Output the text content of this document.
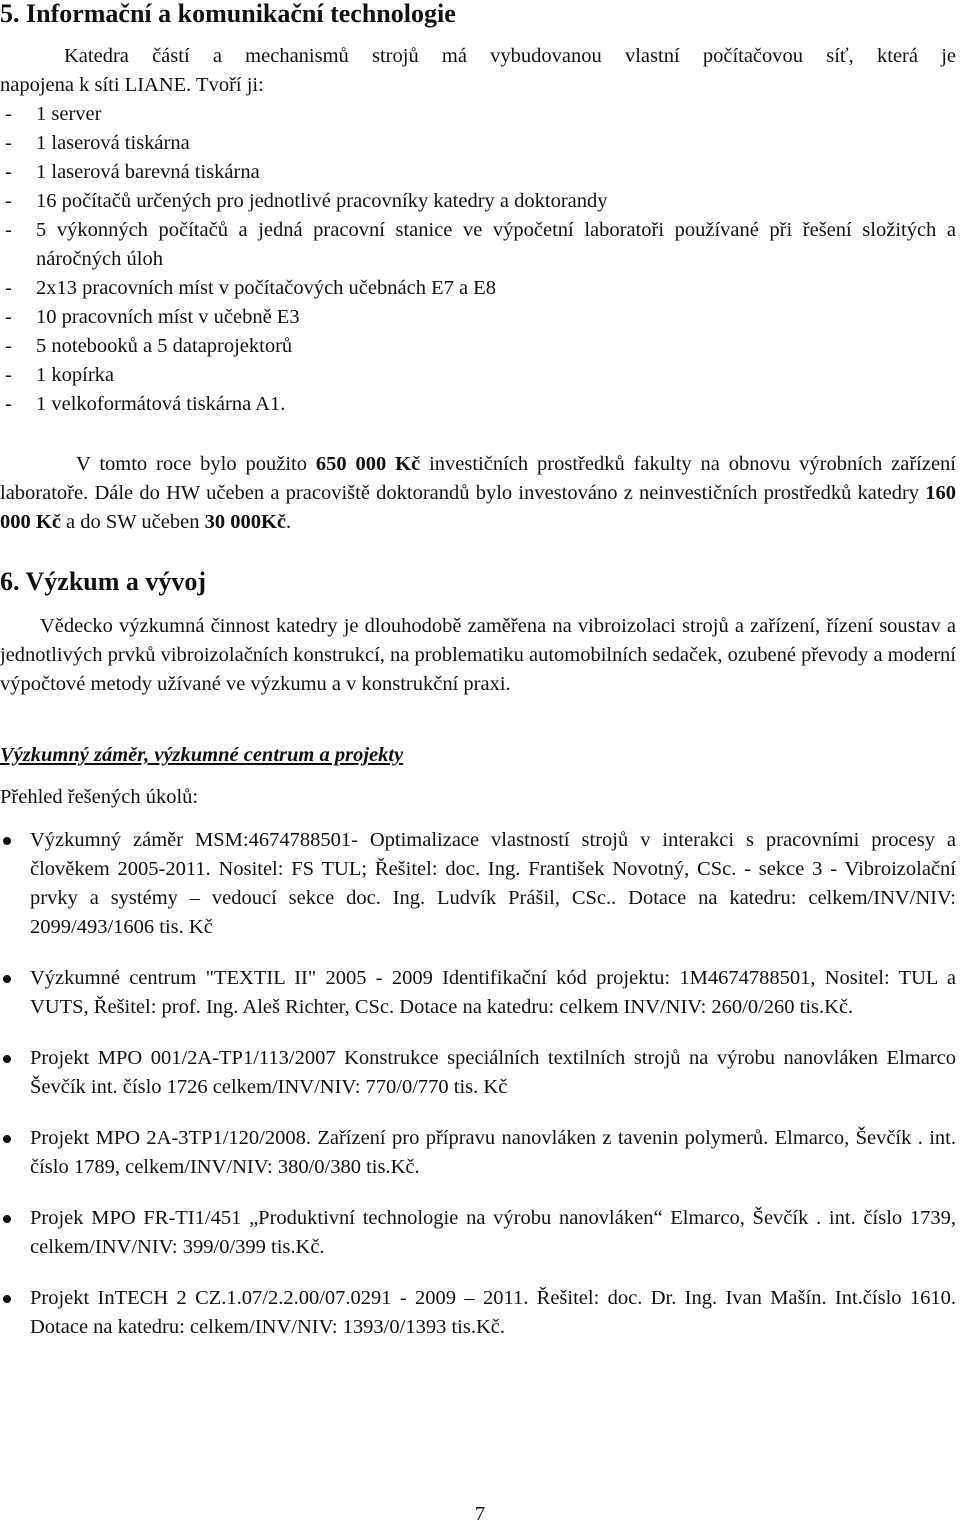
5. Informační a komunikační technologie
Katedra částí a mechanismů strojů má vybudovanou vlastní počítačovou síť, která je
napojena k síti LIANE. Tvoří ji:
- 1 server
- 1 laserová tiskárna
- 1 laserová barevná tiskárna
- 16 počítačů určených pro jednotlivé pracovníky katedry a doktorandy
- 5 výkonných počítačů a jedná pracovní stanice ve výpočetní laboratoři používané při řešení složitých a náročných úloh
- 2x13 pracovních míst v počítačových učebnách E7 a E8
- 10 pracovních míst v učebně E3
- 5 notebooků a 5 dataprojektorů
- 1 kopírka
- 1 velkoformátová tiskárna A1.
V tomto roce bylo použito 650 000 Kč investičních prostředků fakulty na obnovu výrobních zařízení laboratoře. Dále do HW učeben a pracoviště doktorandů bylo investováno z neinvestičních prostředků katedry 160 000 Kč a do SW učeben 30 000Kč.
6. Výzkum a vývoj
Vědecko výzkumná činnost katedry je dlouhodobě zaměřena na vibroizolaci strojů a zařízení, řízení soustav a jednotlivých prvků vibroizolačních konstrukcí, na problematiku automobilních sedaček, ozubené převody a moderní výpočtové metody užívané ve výzkumu a v konstrukční praxi.
Výzkumný záměr, výzkumné centrum a projekty
Přehled řešených úkolů:
Výzkumný záměr MSM:4674788501- Optimalizace vlastností strojů v interakci s pracovními procesy a člověkem 2005-2011. Nositel: FS TUL; Řešitel: doc. Ing. František Novotný, CSc. - sekce 3 - Vibroizolační prvky a systémy – vedoucí sekce doc. Ing. Ludvík Prášil, CSc.. Dotace na katedru: celkem/INV/NIV: 2099/493/1606 tis. Kč
Výzkumné centrum "TEXTIL II" 2005 - 2009 Identifikační kód projektu: 1M4674788501, Nositel: TUL a VUTS, Řešitel: prof. Ing. Aleš Richter, CSc. Dotace na katedru: celkem INV/NIV: 260/0/260 tis.Kč.
Projekt MPO 001/2A-TP1/113/2007 Konstrukce speciálních textilních strojů na výrobu nanovláken Elmarco Ševčík int. číslo 1726 celkem/INV/NIV: 770/0/770 tis. Kč
Projekt MPO 2A-3TP1/120/2008. Zařízení pro přípravu nanovláken z tavenin polymerů. Elmarco, Ševčík . int. číslo 1789, celkem/INV/NIV: 380/0/380 tis.Kč.
Projek MPO FR-TI1/451 „Produktivní technologie na výrobu nanovláken“ Elmarco, Ševčík . int. číslo 1739, celkem/INV/NIV: 399/0/399 tis.Kč.
Projekt InTECH 2 CZ.1.07/2.2.00/07.0291 - 2009 – 2011. Řešitel: doc. Dr. Ing. Ivan Mašín. Int.číslo 1610. Dotace na katedru: celkem/INV/NIV: 1393/0/1393 tis.Kč.
7
